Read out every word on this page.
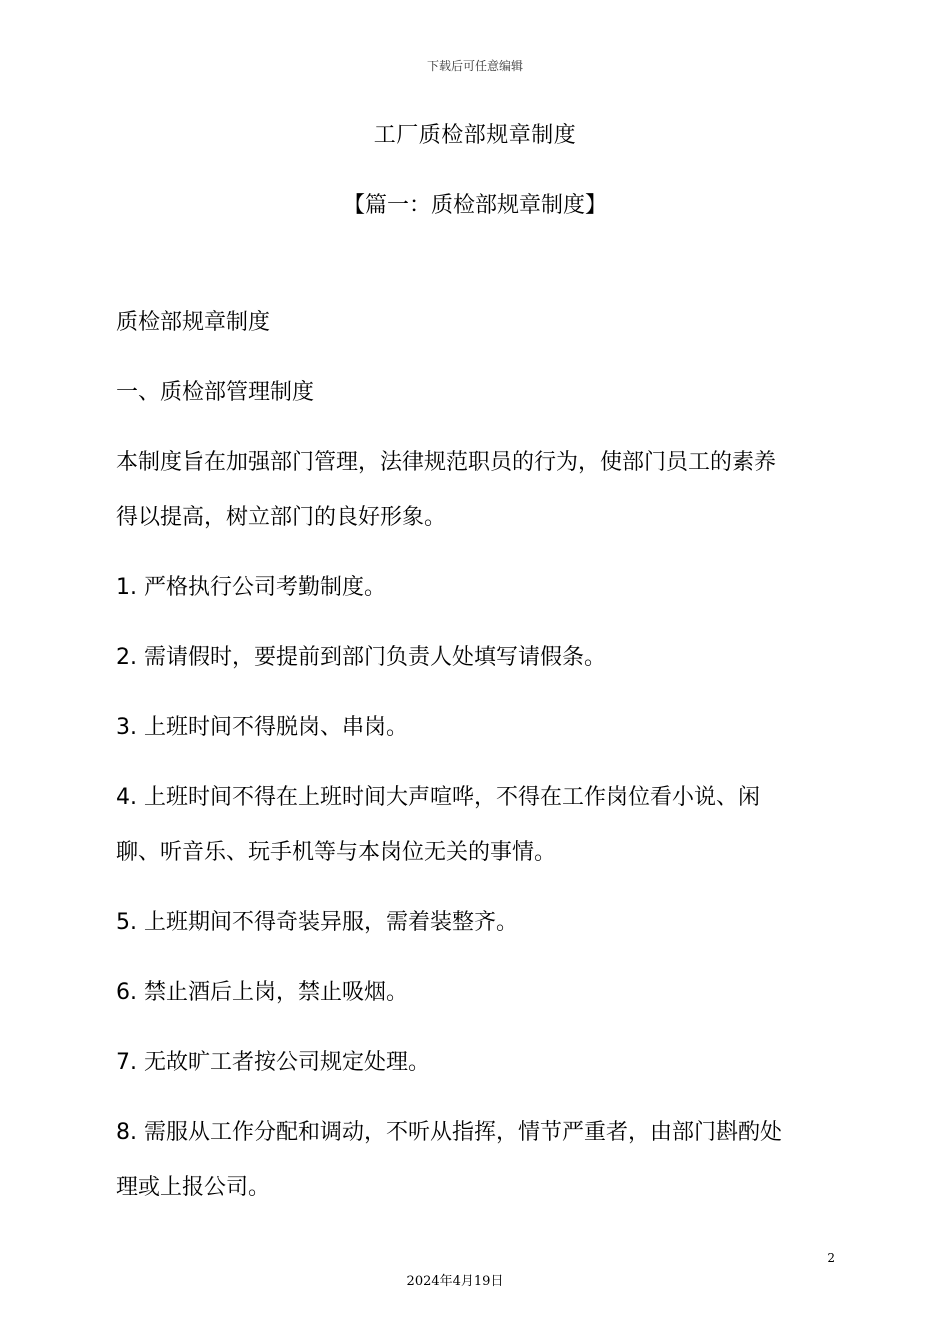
下载后可任意编辑
工厂质检部规章制度
【篇一：质检部规章制度】

质检部规章制度

一、质检部管理制度

本制度旨在加强部门管理，法律规范职员的行为，使部门员工的素养

得以提高，树立部门的良好形象。

1. 严格执行公司考勤制度。

2. 需请假时，要提前到部门负责人处填写请假条。

3. 上班时间不得脱岗、串岗。

4. 上班时间不得在上班时间大声喧哗，不得在工作岗位看小说、闲

聊、听音乐、玩手机等与本岗位无关的事情。

5. 上班期间不得奇装异服，需着装整齐。

6. 禁止酒后上岗，禁止吸烟。

7. 无故旷工者按公司规定处理。

8. 需服从工作分配和调动，不听从指挥，情节严重者，由部门斟酌处

理或上报公司。

2
2024年4月19日
